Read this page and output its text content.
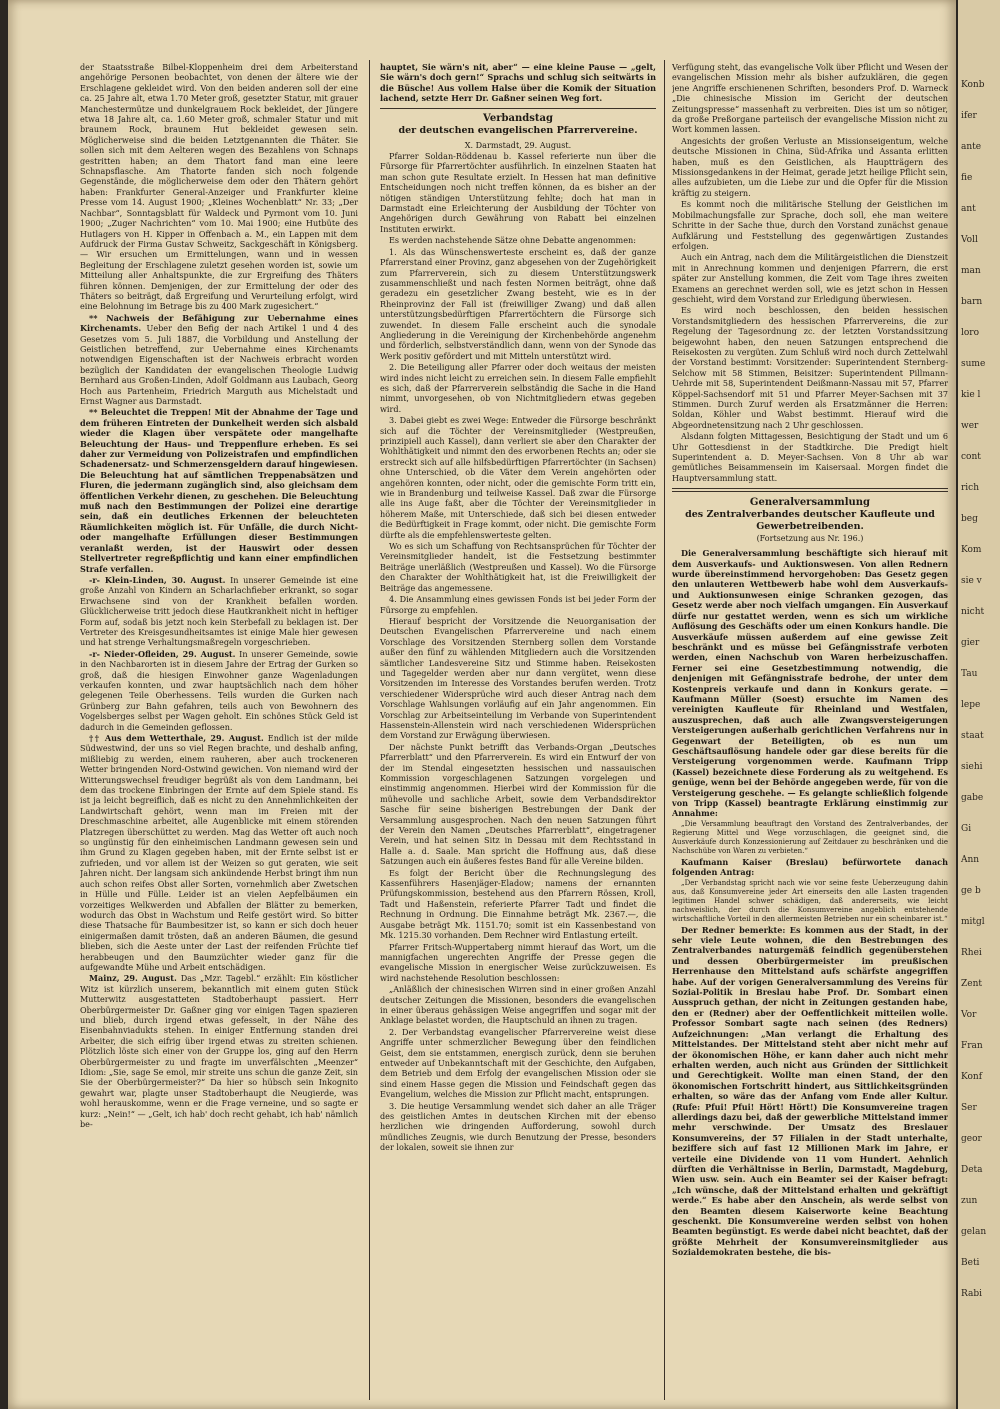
der Staatsstraße Bilbel-Kloppenheim drei dem Arbeiterstand angehörige Personen beobachtet, von denen der ältere wie der Erschlagene gekleidet wird. Von den beiden anderen soll der eine ca. 25 Jahre alt, etwa 1.70 Meter groß, gesetzter Statur, mit grauer Manchestermütze und dunkelgrauem Rock bekleidet, der Jüngere etwa 18 Jahre alt, ca. 1.60 Meter groß, schmaler Statur und mit braunem Rock, braunem Hut bekleidet gewesen sein. Möglicherweise sind die beiden Letztgenannten die Thäter. Sie sollen sich mit dem Aelteren wegen des Bezahlens von Schnaps gestritten haben; an dem Thatort fand man eine leere Schnapsflasche. Am Thatorte fanden sich noch folgende Gegenstände, die möglicherweise dem oder den Thätern gehört haben: Frankfurter General-Anzeiger und Frankfurter kleine Presse vom 14. August 1900; „Kleines Wochenblatt“ Nr. 33; „Der Nachbar“, Sonntagsblatt für Waldeck und Pyrmont vom 10. Juni 1900; „Zuger Nachrichten“ vom 10. Mai 1900; eine Hutbüte des Hutlagers von H. Kipper in Offenbach a. M., ein Lappen mit dem Aufdruck der Firma Gustav Schweitz, Sackgeschäft in Königsberg. — Wir ersuchen um Ermittelungen, wann und in wessen Begleitung der Erschlagene zuletzt gesehen worden ist, sowie um Mitteilung aller Anhaltspunkte, die zur Ergreifung des Thäters führen können. Demjenigen, der zur Ermittelung der oder des Thäters so beiträgt, daß Ergreifung und Verurteilung erfolgt, wird eine Belohnung im Betrage bis zu 400 Mark zugesichert.“

** Nachweis der Befähigung zur Uebernahme eines Kirchenamts. Ueber den Befig der nach Artikel 1 und 4 des Gesetzes vom 5. Juli 1887, die Vorbildung und Anstellung der Geistlichen betreffend, zur Uebernahme eines Kirchenamts notwendigen Eigenschaften ist der Nachweis erbracht worden bezüglich der Kandidaten der evangelischen Theologie Ludwig Bernhard aus Großen-Linden, Adolf Goldmann aus Laubach, Georg Hoch aus Partenheim, Friedrich Marguth aus Michelstadt und Ernst Wagner aus Darmstadt.

** Beleuchtet die Treppen! Mit der Abnahme der Tage und dem früheren Eintreten der Dunkelheit werden sich alsbald wieder die Klagen über verspätete oder mangelhafte Beleuchtung der Haus- und Treppenflure erheben. Es sei daher zur Vermeidung von Polizeistrafen und empfindlichen Schadenersatz- und Schmerzensgeldern darauf hingewiesen. Die Beleuchtung hat auf sämtlichen Treppenabsätzen und Fluren, die jedermann zugänglich sind, also gleichsam dem öffentlichen Verkehr dienen, zu geschehen. Die Beleuchtung muß nach den Bestimmungen der Polizei eine derartige sein, daß ein deutliches Erkennen der beleuchteten Räumlichkeiten möglich ist. Für Unfälle, die durch Nicht- oder mangelhafte Erfüllungen dieser Bestimmungen veranlaßt werden, ist der Hauswirt oder dessen Stellvertreter regreßpflichtig und kann einer empfindlichen Strafe verfallen.

-r- Klein-Linden, 30. August. In unserer Gemeinde ist eine große Anzahl von Kindern an Scharlachfieber erkrankt, so sogar Erwachsene sind von der Krankheit befallen worden. Glücklicherweise tritt jedoch diese Hautkrankheit nicht in heftiger Form auf, sodaß bis jetzt noch kein Sterbefall zu beklagen ist. Der Vertreter des Kreisgesundheitsamtes ist einige Male hier gewesen und hat strenge Verhaltungsmaßregeln vorgeschrieben.

-r- Nieder-Ofleiden, 29. August. In unserer Gemeinde, sowie in den Nachbarorten ist in diesem Jahre der Ertrag der Gurken so groß, daß die hiesigen Einwohner ganze Wagenladungen verkaufen konnten, und zwar hauptsächlich nach dem höher gelegenen Teile Oberhessens. Teils wurden die Gurken nach Grünberg zur Bahn gefahren, teils auch von Bewohnern des Vogelsberges selbst per Wagen geholt. Ein schönes Stück Geld ist dadurch in die Gemeinden geflossen.

†† Aus dem Wetterthale, 29. August. Endlich ist der milde Südwestwind, der uns so viel Regen brachte, und deshalb anfing, mißliebig zu werden, einem rauheren, aber auch trockeneren Wetter bringenden Nord-Ostwind gewichen. Von niemand wird der Witterungswechsel freudiger begrüßt als von dem Landmann, bei dem das trockene Einbringen der Ernte auf dem Spiele stand. Es ist ja leicht begreiflich, daß es nicht zu den Annehmlichkeiten der Landwirtschaft gehört, wenn man im Freien mit der Dreschmaschine arbeitet, alle Augenblicke mit einem störenden Platzregen überschüttet zu werden. Mag das Wetter oft auch noch so ungünstig für den einheimischen Landmann gewesen sein und ihm Grund zu Klagen gegeben haben, mit der Ernte selbst ist er zufrieden, und vor allem ist der Weizen so gut geraten, wie seit Jahren nicht. Der langsam sich ankündende Herbst bringt ihm nun auch schon reifes Obst aller Sorten, vornehmlich aber Zwetschen in Hülle und Fülle. Leider ist an vielen Aepfelbäumen ein vorzeitiges Welkwerden und Abfallen der Blätter zu bemerken, wodurch das Obst in Wachstum und Reife gestört wird. So bitter diese Thatsache für Baumbesitzer ist, so kann er sich doch heuer einigermaßen damit trösten, daß an anderen Bäumen, die gesund blieben, sich die Aeste unter der Last der reifenden Früchte tief herabbeugen und den Baumzüchter wieder ganz für die aufgewandte Mühe und Arbeit entschädigen.

Mainz, 29. August. Das „Mzr. Tagebl.“ erzählt: Ein köstlicher Witz ist kürzlich unserem, bekanntlich mit einem guten Stück Mutterwitz ausgestatteten Stadtoberhaupt passiert. Herr Oberbürgermeister Dr. Gaßner ging vor einigen Tagen spazieren und blieb, durch irgend etwas gefesselt, in der Nähe des Eisenbahnviadukts stehen. In einiger Entfernung standen drei Arbeiter, die sich eifrig über irgend etwas zu streiten schienen. Plötzlich löste sich einer von der Gruppe los, ging auf den Herrn Oberbürgermeister zu und fragte im unverfälschten „Meenzer“ Idiom: „Sie, sage Se emol, mir streite uns schun die ganze Zeit, sin Sie der Oberbürgermeister?“ Da hier so hübsch sein Inkognito gewahrt war, plagte unser Stadtoberhaupt die Neugierde, was wohl herauskomme, wenn er die Frage verneine, und so sagte er kurz: „Nein!“ — „Gelt, ich hab' doch recht gehabt, ich hab' nämlich be-

hauptet, Sie wärn's nit, aber“ — eine kleine Pause — „gelt, Sie wärn's doch gern!“ Sprachs und schlug sich seitwärts in die Büsche! Aus vollem Halse über die Komik der Situation lachend, setzte Herr Dr. Gaßner seinen Weg fort.

Verbandstag
der deutschen evangelischen Pfarrervereine.

X. Darmstadt, 29. August.

Pfarrer Soldan-Röddenau b. Kassel referierte nun über die Fürsorge für Pfarrertöchter ausführlich. In einzelnen Staaten hat man schon gute Resultate erzielt. In Hessen hat man definitive Entscheidungen noch nicht treffen können, da es bisher an der nötigen ständigen Unterstützung fehlte; doch hat man in Darmstadt eine Erleichterung der Ausbildung der Töchter von Angehörigen durch Gewährung von Rabatt bei einzelnen Instituten erwirkt.

Es werden nachstehende Sätze ohne Debatte angenommen:

1. Als das Wünschenswerteste erscheint es, daß der ganze Pfarrerstand einer Provinz, ganz abgesehen von der Zugehörigkeit zum Pfarrerverein, sich zu diesem Unterstützungswerk zusammenschließt und nach festen Normen beiträgt, ohne daß geradezu ein gesetzlicher Zwang besteht, wie es in der Rheinprovinz der Fall ist (freiwilliger Zwang) und daß allen unterstützungsbedürftigen Pfarrertöchtern die Fürsorge sich zuwendet. In diesem Falle erscheint auch die synodale Angliederung in die Vereinigung der Kirchenbehörde angenehm und förderlich, selbstverständlich dann, wenn von der Synode das Werk positiv gefördert und mit Mitteln unterstützt wird.

2. Die Beteiligung aller Pfarrer oder doch weitaus der meisten wird indes nicht leicht zu erreichen sein. In diesem Falle empfiehlt es sich, daß der Pfarrerverein selbständig die Sache in die Hand nimmt, unvorgesehen, ob von Nichtmitgliedern etwas gegeben wird.

3. Dabei giebt es zwei Wege: Entweder die Fürsorge beschränkt sich auf die Töchter der Vereinsmitglieder (Westpreußen, prinzipiell auch Kassel), dann verliert sie aber den Charakter der Wohlthätigkeit und nimmt den des erworbenen Rechts an; oder sie erstreckt sich auf alle hilfsbedürftigen Pfarrertöchter (in Sachsen) ohne Unterschied, ob die Väter dem Verein angehörten oder angehören konnten, oder nicht, oder die gemischte Form tritt ein, wie in Brandenburg und teilweise Kassel. Daß zwar die Fürsorge alle ins Auge faßt, aber die Töchter der Vereinsmitglieder in höherem Maße, mit Unterschiede, daß sich bei diesen entweder die Bedürftigkeit in Frage kommt, oder nicht. Die gemischte Form dürfte als die empfehlenswerteste gelten.

Wo es sich um Schaffung von Rechtsansprüchen für Töchter der Vereinsmitglieder handelt, ist die Festsetzung bestimmter Beiträge unerläßlich (Westpreußen und Kassel). Wo die Fürsorge den Charakter der Wohlthätigkeit hat, ist die Freiwilligkeit der Beiträge das angemessene.

4. Die Ansammlung eines gewissen Fonds ist bei jeder Form der Fürsorge zu empfehlen.

Hierauf bespricht der Vorsitzende die Neuorganisation der Deutschen Evangelischen Pfarrervereine und nach einem Vorschlage des Vorsitzenden Sternberg sollen dem Vorstande außer den fünf zu wählenden Mitgliedern auch die Vorsitzenden sämtlicher Landesvereine Sitz und Stimme haben. Reisekosten und Tagegelder werden aber nur dann vergütet, wenn diese Vorsitzenden im Interesse des Vorstandes berufen werden. Trotz verschiedener Widersprüche wird auch dieser Antrag nach dem Vorschlage Wahlsungen vorläufig auf ein Jahr angenommen. Ein Vorschlag zur Arbeitseinteilung im Verbande von Superintendent Hassenstein-Allenstein wird nach verschiedenen Widersprüchen dem Vorstand zur Erwägung überwiesen.

Der nächste Punkt betrifft das Verbands-Organ „Deutsches Pfarrerblatt“ und den Pfarrerverein. Es wird ein Entwurf der von der im Stendal eingesetzten hessischen und nassauischen Kommission vorgeschlagenen Satzungen vorgelegen und einstimmig angenommen. Hierbei wird der Kommission für die mühevolle und sachliche Arbeit, sowie dem Verbandsdirektor Sasche für seine bisherigen Bestrebungen der Dank der Versammlung ausgesprochen. Nach den neuen Satzungen führt der Verein den Namen „Deutsches Pfarrerblatt“, eingetragener Verein, und hat seinen Sitz in Dessau mit dem Rechtsstand in Halle a. d. Saale. Man spricht die Hoffnung aus, daß diese Satzungen auch ein äußeres festes Band für alle Vereine bilden.

Es folgt der Bericht über die Rechnungslegung des Kassenführers Hasenjäger-Eladow; namens der ernannten Prüfungskommission, bestehend aus den Pfarrern Rössen, Kroll, Tadt und Haßenstein, referierte Pfarrer Tadt und findet die Rechnung in Ordnung. Die Einnahme beträgt Mk. 2367.—, die Ausgabe beträgt Mk. 1151.70; somit ist ein Kassenbestand von Mk. 1215.30 vorhanden. Dem Rechner wird Entlastung erteilt.

Pfarrer Fritsch-Wuppertaberg nimmt hierauf das Wort, um die mannigfachen ungerechten Angriffe der Presse gegen die evangelische Mission in energischer Weise zurückzuweisen. Es wird nachstehende Resolution beschlossen:

„Anläßlich der chinesischen Wirren sind in einer großen Anzahl deutscher Zeitungen die Missionen, besonders die evangelischen in einer überaus gehässigen Weise angegriffen und sogar mit der Anklage belastet worden, die Hauptschuld an ihnen zu tragen.

2. Der Verbandstag evangelischer Pfarrervereine weist diese Angriffe unter schmerzlicher Bewegung über den feindlichen Geist, dem sie entstammen, energisch zurück, denn sie beruhen entweder auf Unbekanntschaft mit der Geschichte, den Aufgaben, dem Betrieb und dem Erfolg der evangelischen Mission oder sie sind einem Hasse gegen die Mission und Feindschaft gegen das Evangelium, welches die Mission zur Pflicht macht, entsprungen.

3. Die heutige Versammlung wendet sich daher an alle Träger des geistlichen Amtes in deutschen Kirchen mit der ebenso herzlichen wie dringenden Aufforderung, sowohl durch mündliches Zeugnis, wie durch Benutzung der Presse, besonders der lokalen, soweit sie ihnen zur

Verfügung steht, das evangelische Volk über Pflicht und Wesen der evangelischen Mission mehr als bisher aufzuklären, die gegen jene Angriffe erschienenen Schriften, besonders Prof. D. Warneck „Die chinesische Mission im Gericht der deutschen Zeitungspresse“ massenhaft zu verbreiten. Dies ist um so nötiger, da große Preßorgane parteiisch der evangelische Mission nicht zu Wort kommen lassen.

Angesichts der großen Verluste an Missionseigentum, welche deutsche Missionen in China, Süd-Afrika und Assanta erlitten haben, muß es den Geistlichen, als Hauptträgern des Missionsgedankens in der Heimat, gerade jetzt heilige Pflicht sein, alles aufzubieten, um die Liebe zur und die Opfer für die Mission kräftig zu steigern.

Es kommt noch die militärische Stellung der Geistlichen im Mobilmachungsfalle zur Sprache, doch soll, ehe man weitere Schritte in der Sache thue, durch den Vorstand zunächst genaue Aufklärung und Feststellung des gegenwärtigen Zustandes erfolgen.

Auch ein Antrag, nach dem die Militärgeistlichen die Dienstzeit mit in Anrechnung kommen und denjenigen Pfarrern, die erst später zur Anstellung kommen, die Zeit vom Tage ihres zweiten Examens an gerechnet werden soll, wie es jetzt schon in Hessen geschieht, wird dem Vorstand zur Erledigung überwiesen.

Es wird noch beschlossen, den beiden hessischen Vorstandsmitgliedern des hessischen Pfarrervereins, die zur Regelung der Tagesordnung zc. der letzten Vorstandssitzung beigewohnt haben, den neuen Satzungen entsprechend die Reisekosten zu vergüten. Zum Schluß wird noch durch Zettelwahl der Vorstand bestimmt: Vorsitzender: Superintendent Sternberg-Selchow mit 58 Stimmen, Beisitzer: Superintendent Pillmann-Uehrde mit 58, Superintendent Deißmann-Nassau mit 57, Pfarrer Köppel-Sachsendorf mit 51 und Pfarrer Meyer-Sachsen mit 37 Stimmen. Durch Zuruf werden als Ersatzmänner die Herren: Soldan, Köhler und Wabst bestimmt. Hierauf wird die Abgeordnetensitzung nach 2 Uhr geschlossen.

Alsdann folgten Mittagessen, Besichtigung der Stadt und um 6 Uhr Gottesdienst in der Stadtkirche. Die Predigt hielt Superintendent a. D. Meyer-Sachsen. Von 8 Uhr ab war gemütliches Beisammensein im Kaisersaal. Morgen findet die Hauptversammlung statt.

Generalversammlung
des Zentralverbandes deutscher Kaufleute und Gewerbetreibenden.
(Fortsetzung aus Nr. 196.)

Die Generalversammlung beschäftigte sich hierauf mit dem Ausverkaufs- und Auktionswesen. Von allen Rednern wurde übereinstimmend hervorgehoben: Das Gesetz gegen den unlauteren Wettbewerb habe wohl dem Ausverkaufs- und Auktionsunwesen einige Schranken gezogen, das Gesetz werde aber noch vielfach umgangen. Ein Ausverkauf dürfe nur gestattet werden, wenn es sich um wirkliche Auflösung des Geschäfts oder um einen Konkurs handle. Die Ausverkäufe müssen außerdem auf eine gewisse Zeit beschränkt und es müsse bei Gefängnisstrafe verboten werden, einen Nachschub von Waren herbeizuschaffen. Ferner sei eine Gesetzbestimmung notwendig, die denjenigen mit Gefängnisstrafe bedrohe, der unter dem Kostenpreis verkaufe und dann in Konkurs gerate. — Kaufmann Müller (Soest) ersuchte im Namen des vereinigten Kaufleute für Rheinland und Westfalen, auszusprechen, daß auch alle Zwangsversteigerungen Versteigerungen außerhalb gerichtlichen Verfahrens nur in Gegenwart der Beteiligten, ob es nun um Geschäftsauflösung handele oder gar diese bereits für die Versteigerung vorgenommen werde. Kaufmann Tripp (Kassel) bezeichnete diese Forderung als zu weitgehend. Es genüge, wenn bei der Behörde angegeben werde, für von die Versteigerung geschehe. — Es gelangte schließlich folgende von Tripp (Kassel) beantragte Erklärung einstimmig zur Annahme:

„Die Versammlung beauftragt den Vorstand des Zentralverbandes, der Regierung Mittel und Wege vorzuschlagen, die geeignet sind, die Ausverkäufe durch Konzessionierung auf Zeitdauer zu beschränken und die Nachschübe von Waren zu verbieten.“

Kaufmann Kaiser (Breslau) befürwortete danach folgenden Antrag:

„Der Verbandstag spricht nach wie vor seine feste Ueberzeugung dahin aus, daß Konsumvereine jeder Art einerseits den alle Lasten tragenden legitimen Handel schwer schädigen, daß andererseits, wie leicht nachweislich, der durch die Konsumvereine angeblich entstehende wirtschaftliche Vorteil in den allermeisten Betrieben nur ein scheinbarer ist.“

Der Redner bemerkte: Es kommen aus der Stadt, in der sehr viele Leute wohnen, die den Bestrebungen des Zentralverbandes naturgemäß feindlich gegenüberstehen und dessen Oberbürgermeister im preußischen Herrenhause den Mittelstand aufs schärfste angegriffen habe. Auf der vorigen Generalversammlung des Vereins für Sozial-Politik in Breslau habe Prof. Dr. Sombart einen Ausspruch gethan, der nicht in Zeitungen gestanden habe, den er (Redner) aber der Oeffentlichkeit mitteilen wolle. Professor Sombart sagte nach seinen (des Redners) Aufzeichnungen: „Man verlangt die Erhaltung des Mittelstandes. Der Mittelstand steht aber nicht mehr auf der ökonomischen Höhe, er kann daher auch nicht mehr erhalten werden, auch nicht aus Gründen der Sittlichkeit und Gerechtigkeit. Wollte man einen Stand, der den ökonomischen Fortschritt hindert, aus Sittlichkeitsgründen erhalten, so wäre das der Anfang vom Ende aller Kultur. (Rufe: Pfui! Pfui! Hört! Hört!) Die Konsumvereine tragen allerdings dazu bei, daß der gewerbliche Mittelstand immer mehr verschwinde. Der Umsatz des Breslauer Konsumvereins, der 57 Filialen in der Stadt unterhalte, beziffere sich auf fast 12 Millionen Mark im Jahre, er verteile eine Dividende von 11 vom Hundert. Aehnlich dürften die Verhältnisse in Berlin, Darmstadt, Magdeburg, Wien usw. sein. Auch ein Beamter sei der Kaiser befragt: „Ich wünsche, daß der Mittelstand erhalten und gekräftigt werde.“ Es habe aber den Anschein, als werde selbst von den Beamten diesem Kaiserworte keine Beachtung geschenkt. Die Konsumvereine werden selbst von hohen Beamten begünstigt. Es werde dabei nicht beachtet, daß der größte Mehrheit der Konsumvereinsmitglieder aus Sozialdemokraten bestehe, die bis-

Konb
ifer
ante
fie
ant
Voll
man
barn
loro
sume
kie l
wer
cont
rich
beg
Kom
sie v
nicht
gier
Tau
lepe
staat
siehi
gabe
Gi
Ann
ge b
mitgl
Rhei
Zent
Vor
Fran
Konf
Ser
geor
Deta
zun
gelan
Beti
Rabi
